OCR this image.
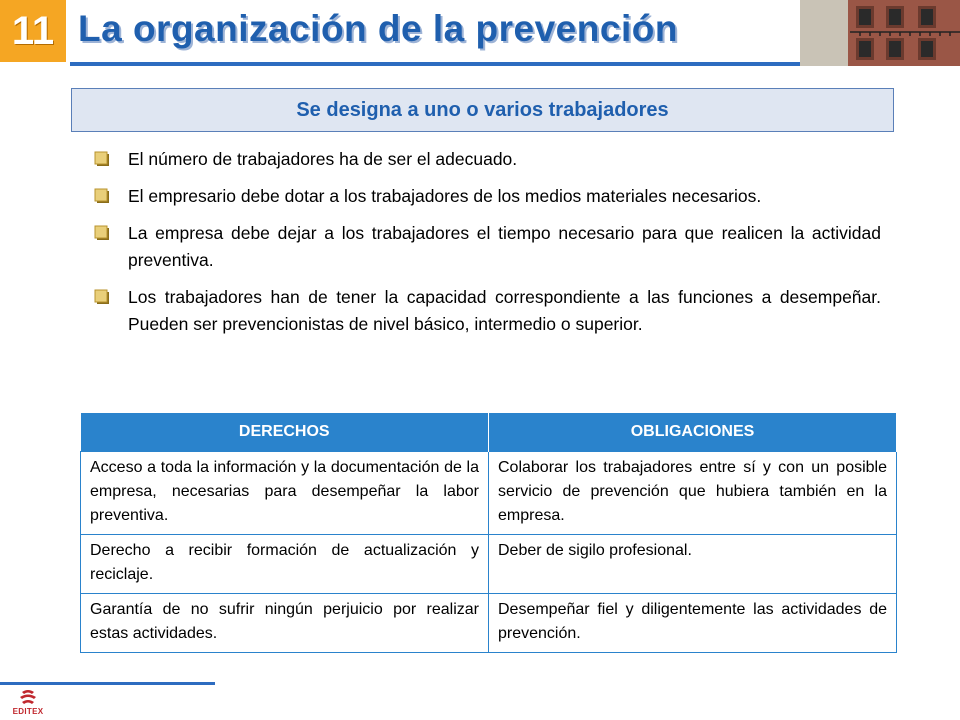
11 La organización de la prevención
Se designa a uno o varios trabajadores
El número de trabajadores ha de ser el adecuado.
El empresario debe dotar a los trabajadores de los medios materiales necesarios.
La empresa debe dejar a los trabajadores el tiempo necesario para que realicen la actividad preventiva.
Los trabajadores han de tener la capacidad correspondiente a las funciones a desempeñar. Pueden ser prevencionistas de nivel básico, intermedio o superior.
DERECHOS	OBLIGACIONES
Acceso a toda la información y la documentación de la empresa, necesarias para desempeñar la labor preventiva.	Colaborar los trabajadores entre sí y con un posible servicio de prevención que hubiera también en la empresa.
Derecho a recibir formación de actualización y reciclaje.	Deber de sigilo profesional.
Garantía de no sufrir ningún perjuicio por realizar estas actividades.	Desempeñar fiel y diligentemente las actividades de prevención.
EDITEX
